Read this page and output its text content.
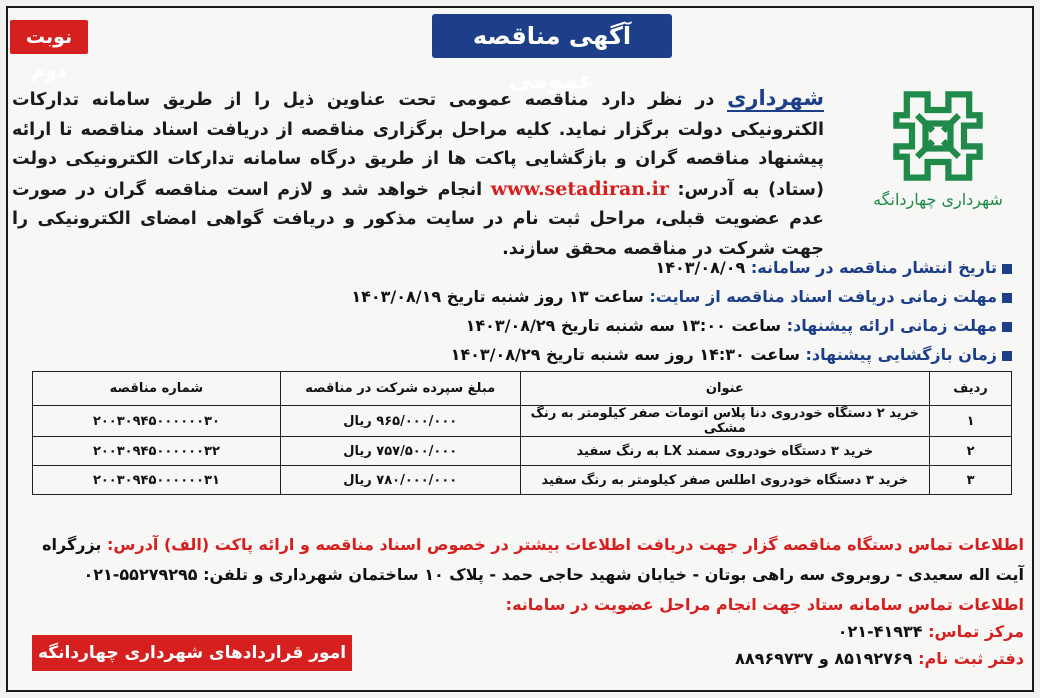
نوبت دوم
آگهی مناقصه عمومی
شهرداری چهاردانگه
شهرداری در نظر دارد مناقصه عمومی تحت عناوین ذیل را از طریق سامانه تدارکات الکترونیکی دولت برگزار نماید. کلیه مراحل برگزاری مناقصه از دریافت اسناد مناقصه تا ارائه پیشنهاد مناقصه گران و بازگشایی پاکت ها از طریق درگاه سامانه تدارکات الکترونیکی دولت (ستاد) به آدرس: www.setadiran.ir انجام خواهد شد و لازم است مناقصه گران در صورت عدم عضویت قبلی، مراحل ثبت نام در سایت مذکور و دریافت گواهی امضای الکترونیکی را جهت شرکت در مناقصه محقق سازند.
تاریخ انتشار مناقصه در سامانه: ۱۴۰۳/۰۸/۰۹
مهلت زمانی دریافت اسناد مناقصه از سایت: ساعت ۱۳ روز شنبه تاریخ ۱۴۰۳/۰۸/۱۹
مهلت زمانی ارائه پیشنهاد: ساعت ۱۳:۰۰ سه شنبه تاریخ ۱۴۰۳/۰۸/۲۹
زمان بازگشایی پیشنهاد: ساعت ۱۴:۳۰ روز سه شنبه تاریخ ۱۴۰۳/۰۸/۲۹
ردیف	عنوان	مبلغ سپرده شرکت در مناقصه	شماره مناقصه
۱	خرید ۲ دستگاه خودروی دنا پلاس اتومات صفر کیلومتر به رنگ مشکی	۹۶۵/۰۰۰/۰۰۰ ریال	۲۰۰۳۰۹۴۵۰۰۰۰۰۰۳۰
۲	خرید ۳ دستگاه خودروی سمند LX به رنگ سفید	۷۵۷/۵۰۰/۰۰۰ ریال	۲۰۰۳۰۹۴۵۰۰۰۰۰۰۳۲
۳	خرید ۳ دستگاه خودروی اطلس صفر کیلومتر به رنگ سفید	۷۸۰/۰۰۰/۰۰۰ ریال	۲۰۰۳۰۹۴۵۰۰۰۰۰۰۳۱
اطلاعات تماس دستگاه مناقصه گزار جهت دریافت اطلاعات بیشتر در خصوص اسناد مناقصه و ارائه پاکت (الف) آدرس: بزرگراه آیت اله سعیدی - روبروی سه راهی بوتان - خیابان شهید حاجی حمد - پلاک ۱۰ ساختمان شهرداری و تلفن: ۵۵۲۷۹۲۹۵-۰۲۱
اطلاعات تماس سامانه ستاد جهت انجام مراحل عضویت در سامانه:
مرکز تماس: ۴۱۹۳۴-۰۲۱
دفتر ثبت نام: ۸۵۱۹۲۷۶۹ و ۸۸۹۶۹۷۳۷
امور قراردادهای شهرداری چهاردانگه
